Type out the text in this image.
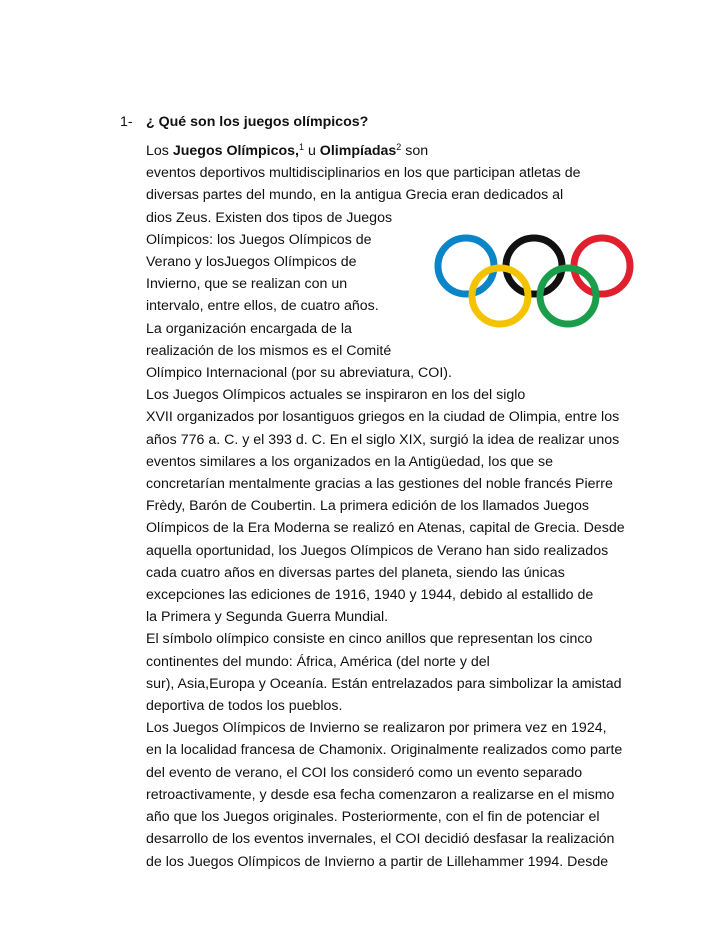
1- ¿ Qué son los juegos olímpicos?
Los Juegos Olímpicos,$^1$ u Olimpíadas$^2$ son
eventos deportivos multidisciplinarios en los que participan atletas de
diversas partes del mundo, en la antigua Grecia eran dedicados al
dios Zeus. Existen dos tipos de Juegos
Olímpicos: los Juegos Olímpicos de
Verano y losJuegos Olímpicos de
Invierno, que se realizan con un
intervalo, entre ellos, de cuatro años.
La organización encargada de la
realización de los mismos es el Comité
Olímpico Internacional (por su abreviatura, COI).
Los Juegos Olímpicos actuales se inspiraron en los del siglo
XVII organizados por losantiguos griegos en la ciudad de Olimpia, entre los
años 776 a. C. y el 393 d. C. En el siglo XIX, surgió la idea de realizar unos
eventos similares a los organizados en la Antigüedad, los que se
concretarían mentalmente gracias a las gestiones del noble francés Pierre
Frèdy, Barón de Coubertin. La primera edición de los llamados Juegos
Olímpicos de la Era Moderna se realizó en Atenas, capital de Grecia. Desde
aquella oportunidad, los Juegos Olímpicos de Verano han sido realizados
cada cuatro años en diversas partes del planeta, siendo las únicas
excepciones las ediciones de 1916, 1940 y 1944, debido al estallido de
la Primera y Segunda Guerra Mundial.
El símbolo olímpico consiste en cinco anillos que representan los cinco
continentes del mundo: África, América (del norte y del
sur), Asia,Europa y Oceanía. Están entrelazados para simbolizar la amistad
deportiva de todos los pueblos.
Los Juegos Olímpicos de Invierno se realizaron por primera vez en 1924,
en la localidad francesa de Chamonix. Originalmente realizados como parte
del evento de verano, el COI los consideró como un evento separado
retroactivamente, y desde esa fecha comenzaron a realizarse en el mismo
año que los Juegos originales. Posteriormente, con el fin de potenciar el
desarrollo de los eventos invernales, el COI decidió desfasar la realización
de los Juegos Olímpicos de Invierno a partir de Lillehammer 1994. Desde
